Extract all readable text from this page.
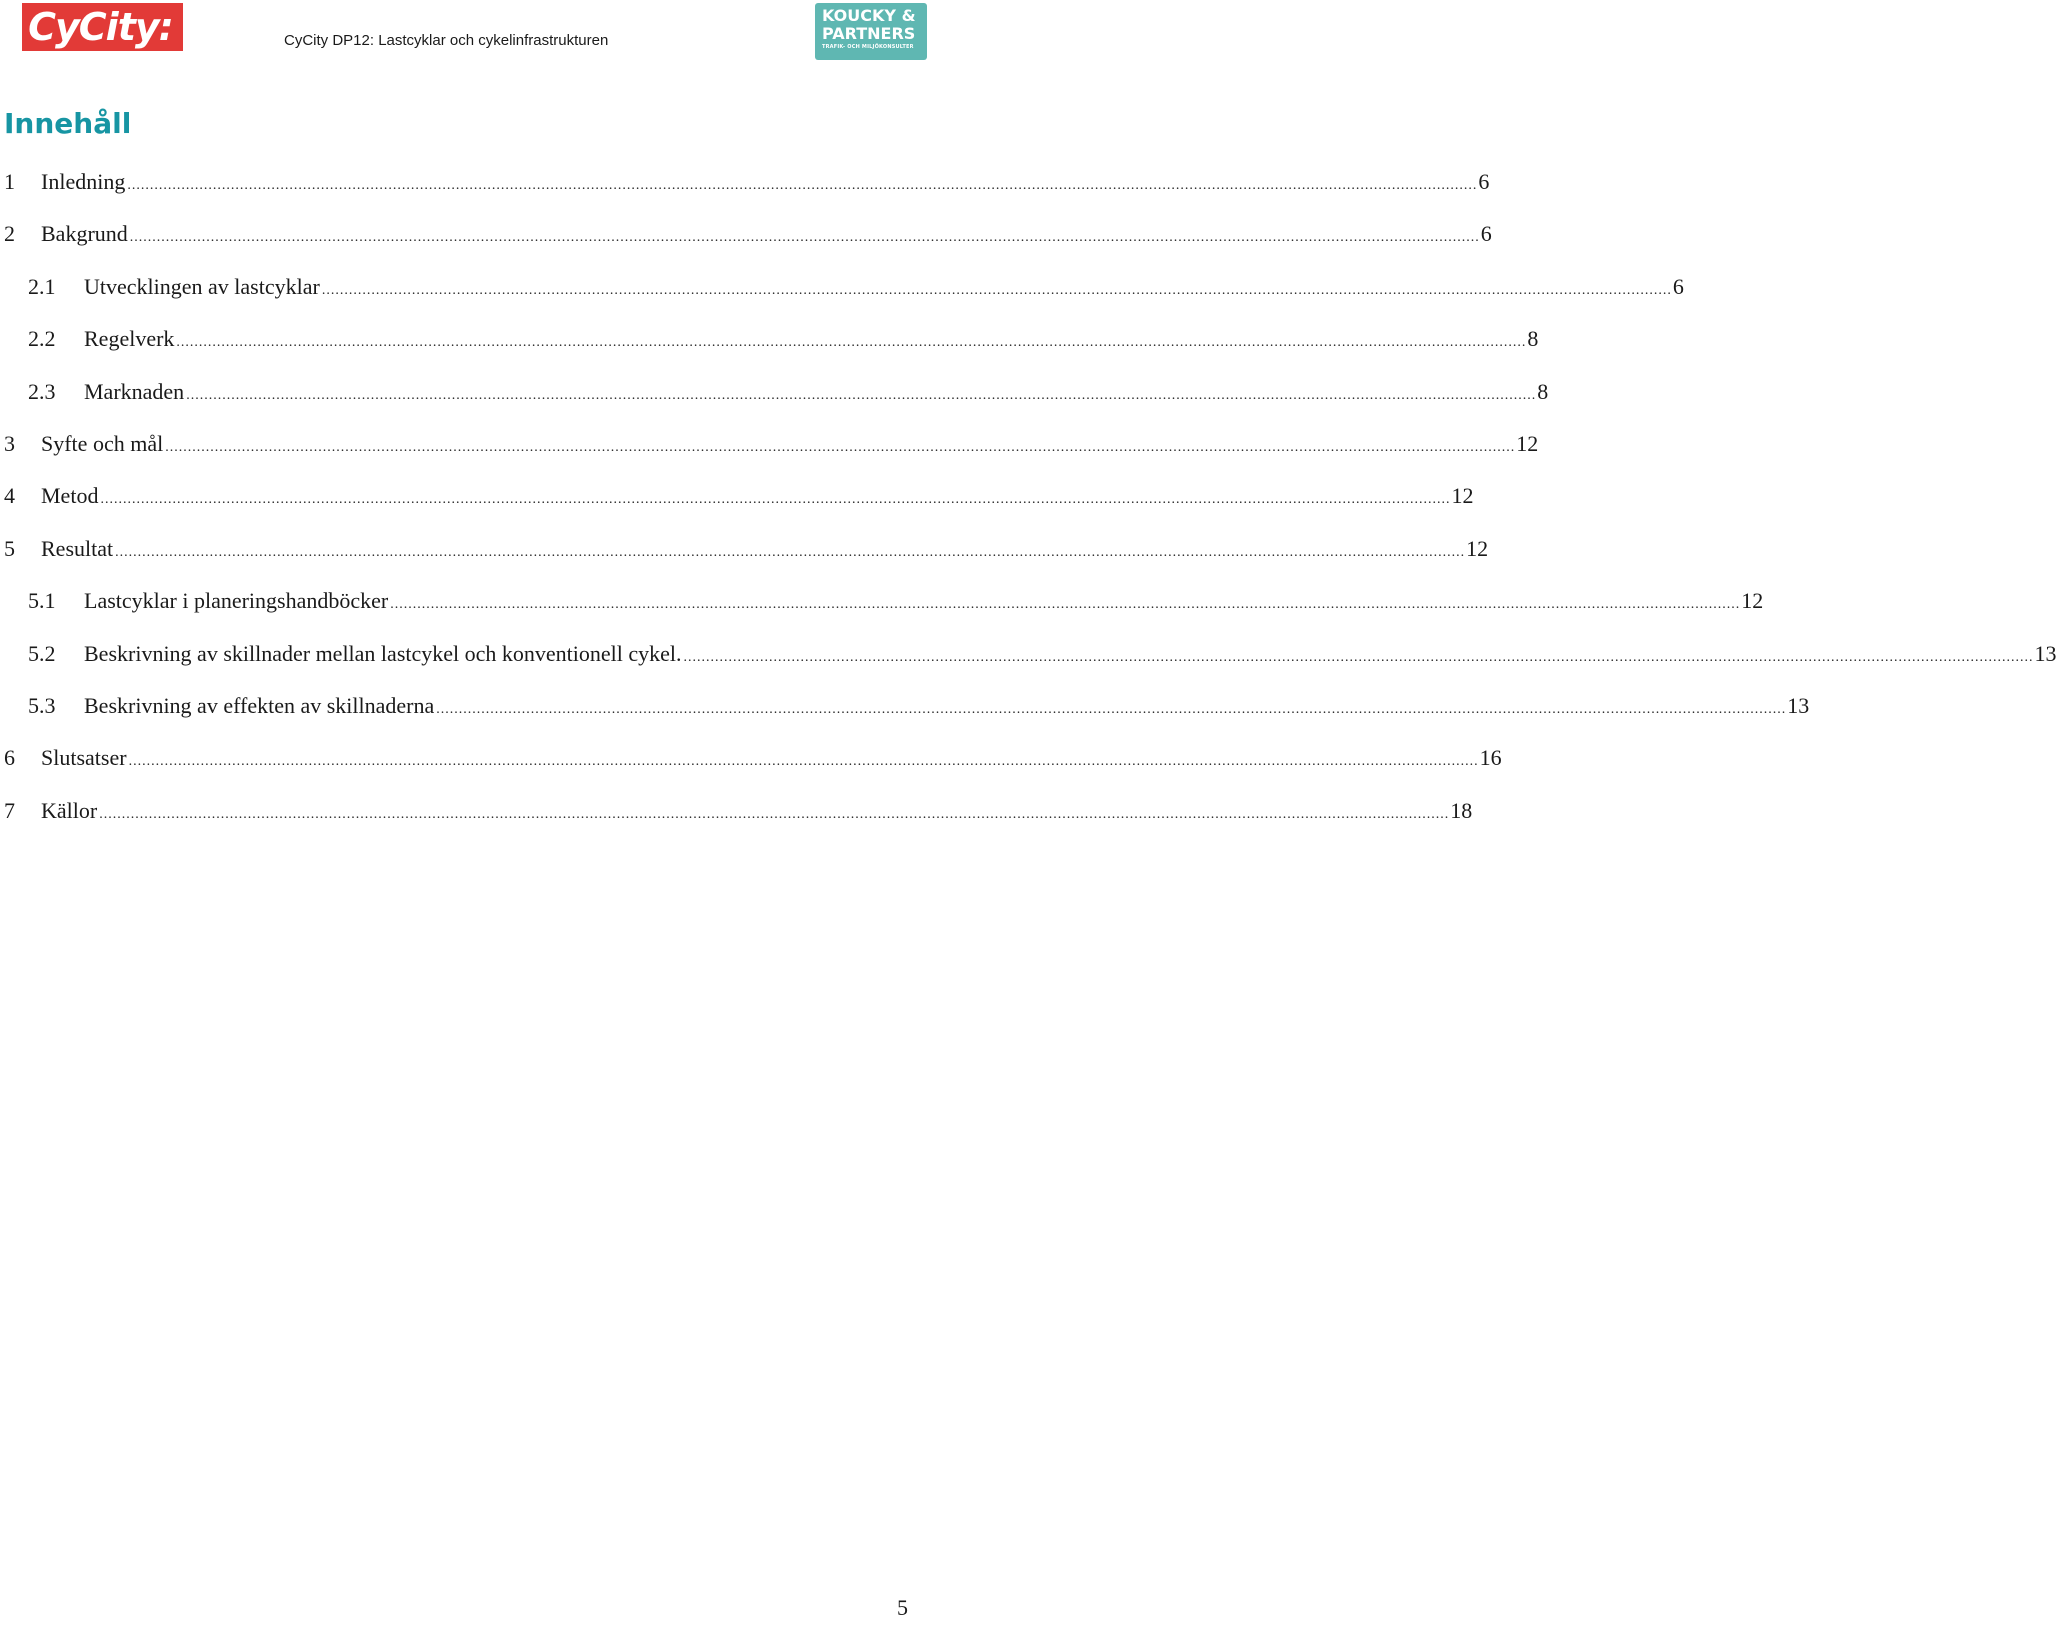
CyCity:	CyCity DP12: Lastcyklar och cykelinfrastrukturen
KOUCKY &
PARTNERS
TRAFIK- OCH MILJÖKONSULTER
Innehåll
1 Inledning ............................................................................................................................................................................................................................................................................................................ 6
2 Bakgrund ............................................................................................................................................................................................................................................................................................................ 6
2.1 Utvecklingen av lastcyklar ............................................................................................................................................................................................................................................................................................................ 6
2.2 Regelverk ............................................................................................................................................................................................................................................................................................................ 8
2.3 Marknaden ............................................................................................................................................................................................................................................................................................................ 8
3 Syfte och mål ............................................................................................................................................................................................................................................................................................................ 12
4 Metod ............................................................................................................................................................................................................................................................................................................ 12
5 Resultat ............................................................................................................................................................................................................................................................................................................ 12
5.1 Lastcyklar i planeringshandböcker ............................................................................................................................................................................................................................................................................................................ 12
5.2 Beskrivning av skillnader mellan lastcykel och konventionell cykel. ............................................................................................................................................................................................................................................................................................................ 13
5.3 Beskrivning av effekten av skillnaderna ............................................................................................................................................................................................................................................................................................................ 13
6 Slutsatser ............................................................................................................................................................................................................................................................................................................ 16
7 Källor ............................................................................................................................................................................................................................................................................................................ 18
5
